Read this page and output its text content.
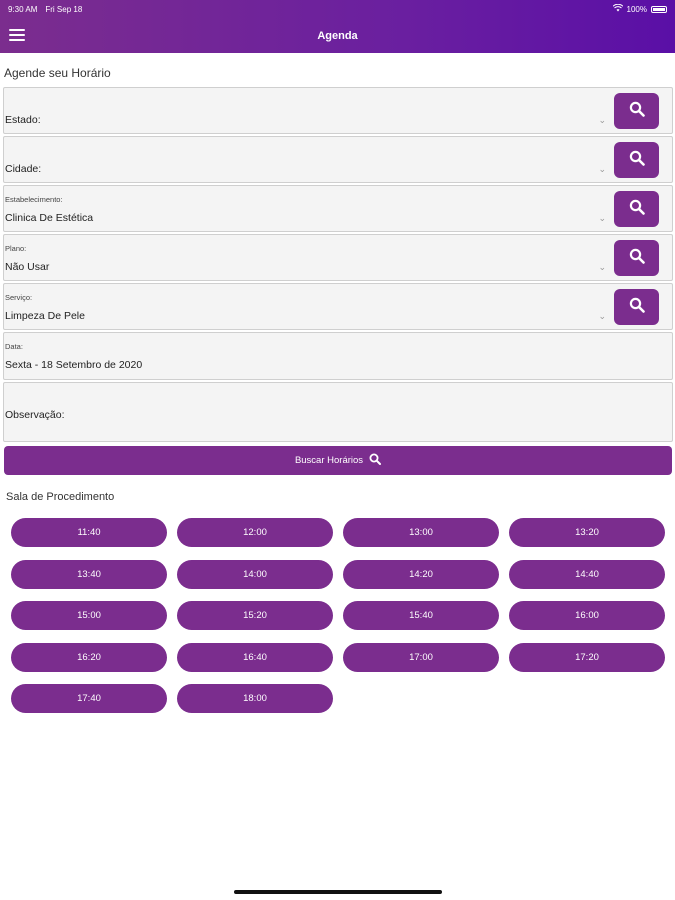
9:30 AM Fri Sep 18	100%
Agenda
Agende seu Horário
Estado:	⌄
Cidade:	⌄
Estabelecimento:
Clinica De Estética	⌄
Plano:
Não Usar	⌄
Serviço:
Limpeza De Pele	⌄
Data:
Sexta - 18 Setembro de 2020
Observação:
Buscar Horários
Sala de Procedimento
11:40	12:00	13:00	13:20
13:40	14:00	14:20	14:40
15:00	15:20	15:40	16:00
16:20	16:40	17:00	17:20
17:40	18:00
